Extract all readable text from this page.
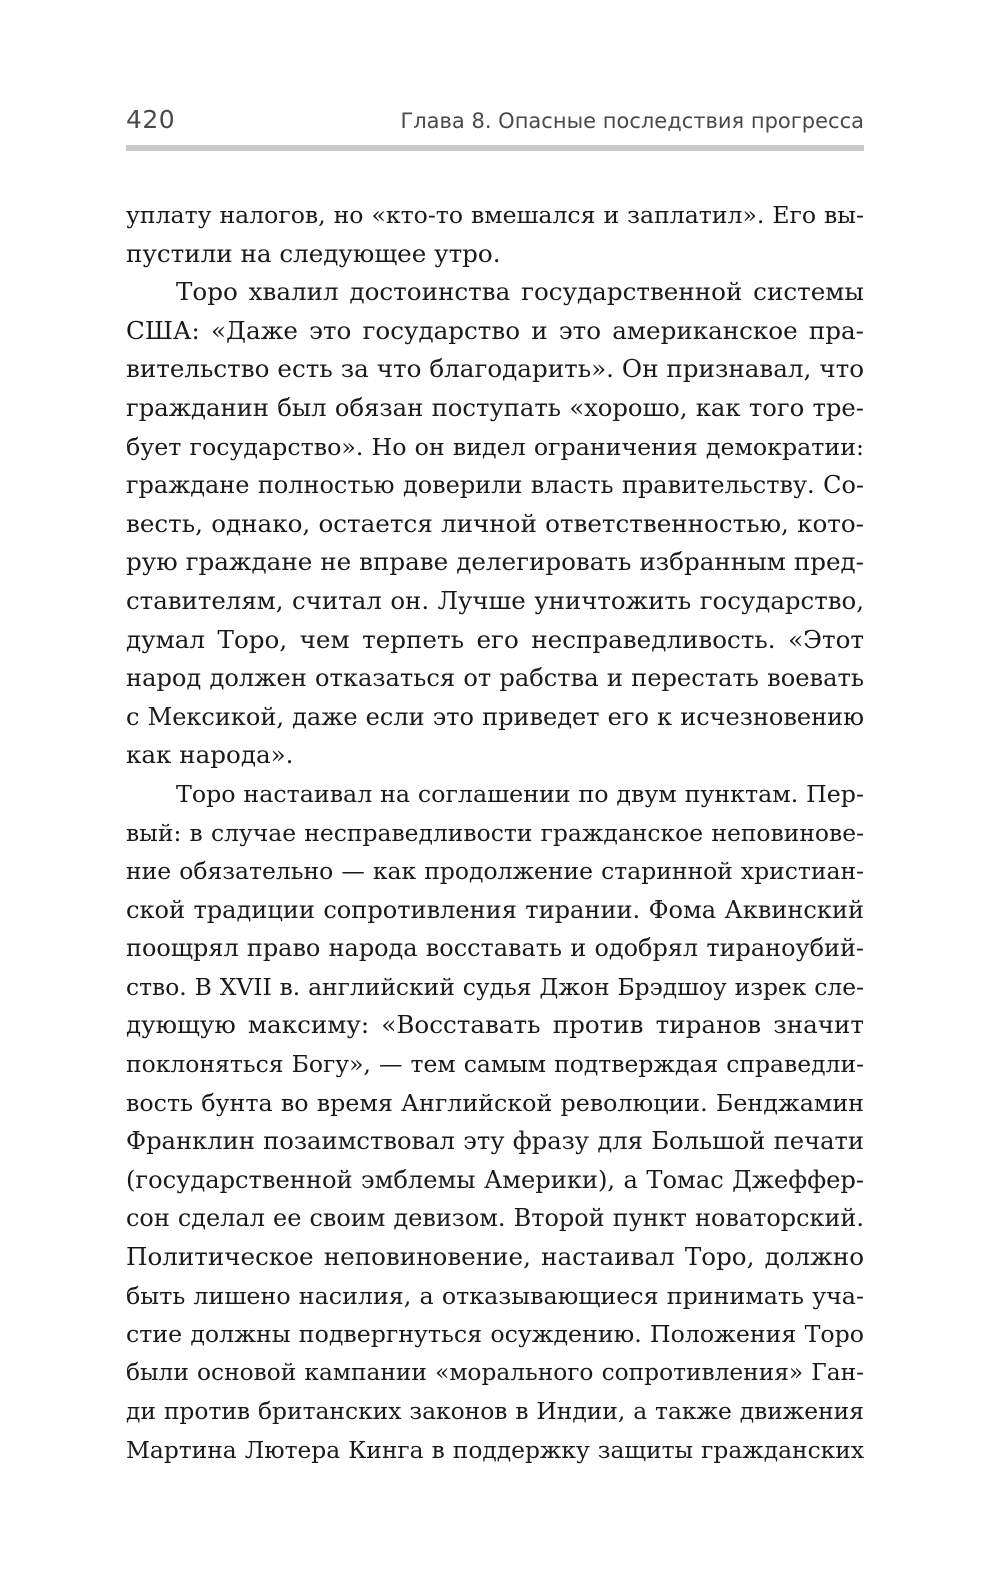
420	Глава 8. Опасные последствия прогресса
уплату налогов, но «кто-то вмешался и заплатил». Его вы-
пустили на следующее утро.
Торо хвалил достоинства государственной системы
США: «Даже это государство и это американское пра-
вительство есть за что благодарить». Он признавал, что
гражданин был обязан поступать «хорошо, как того тре-
бует государство». Но он видел ограничения демократии:
граждане полностью доверили власть правительству. Со-
весть, однако, остается личной ответственностью, кото-
рую граждане не вправе делегировать избранным пред-
ставителям, считал он. Лучше уничтожить государство,
думал Торо, чем терпеть его несправедливость. «Этот
народ должен отказаться от рабства и перестать воевать
с Мексикой, даже если это приведет его к исчезновению
как народа».
Торо настаивал на соглашении по двум пунктам. Пер-
вый: в случае несправедливости гражданское неповинове-
ние обязательно — как продолжение старинной христиан-
ской традиции сопротивления тирании. Фома Аквинский
поощрял право народа восставать и одобрял тираноубий-
ство. В XVII в. английский судья Джон Брэдшоу изрек сле-
дующую максиму: «Восставать против тиранов значит
поклоняться Богу», — тем самым подтверждая справедли-
вость бунта во время Английской революции. Бенджамин
Франклин позаимствовал эту фразу для Большой печати
(государственной эмблемы Америки), а Томас Джеффер-
сон сделал ее своим девизом. Второй пункт новаторский.
Политическое неповиновение, настаивал Торо, должно
быть лишено насилия, а отказывающиеся принимать уча-
стие должны подвергнуться осуждению. Положения Торо
были основой кампании «морального сопротивления» Ган-
ди против британских законов в Индии, а также движения
Мартина Лютера Кинга в поддержку защиты гражданских
